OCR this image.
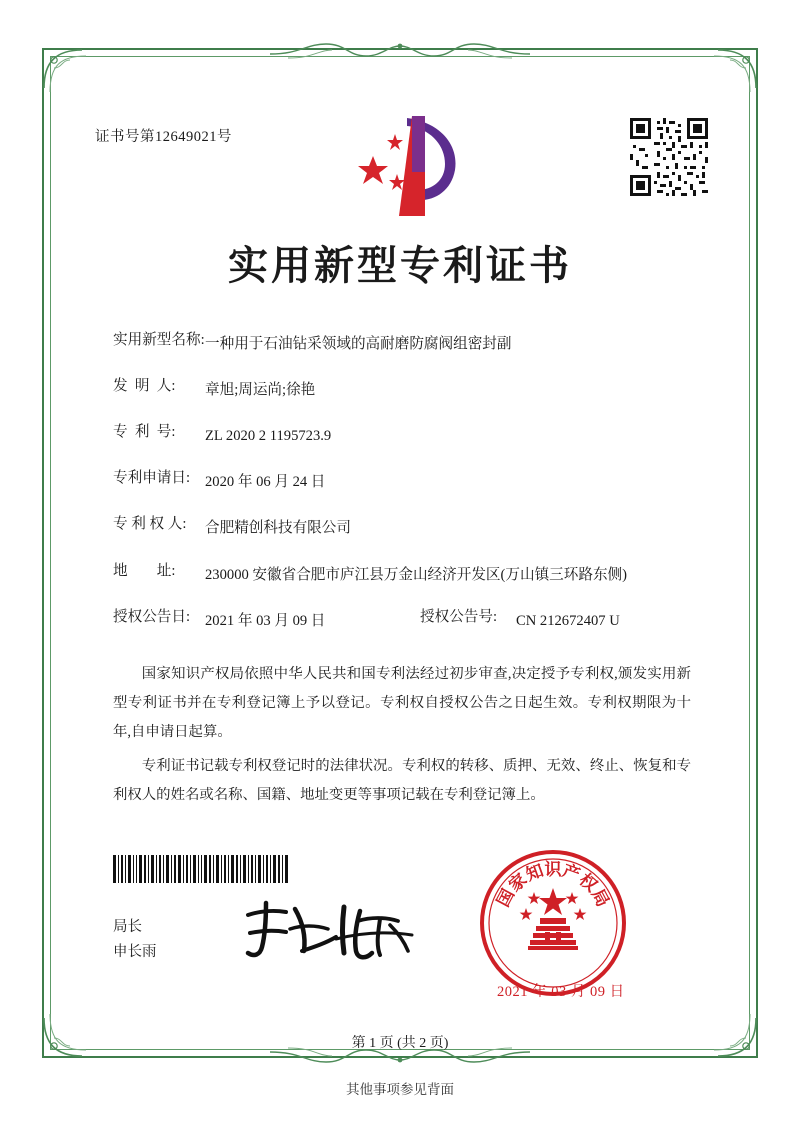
证书号第12649021号
实用新型专利证书
实用新型名称: 一种用于石油钻采领域的高耐磨防腐阀组密封副
发  明  人:	章旭;周运尚;徐艳
专  利  号:	ZL 2020 2 1195723.9
专利申请日:	2020 年 06 月 24 日
专 利 权 人:	合肥精创科技有限公司
地        址:	230000 安徽省合肥市庐江县万金山经济开发区(万山镇三环路东侧)
授权公告日:	2021 年 03 月 09 日	授权公告号:	CN 212672407 U

国家知识产权局依照中华人民共和国专利法经过初步审查,决定授予专利权,颁发实用新型专利证书并在专利登记簿上予以登记。专利权自授权公告之日起生效。专利权期限为十年,自申请日起算。

专利证书记载专利权登记时的法律状况。专利权的转移、质押、无效、终止、恢复和专利权人的姓名或名称、国籍、地址变更等事项记载在专利登记簿上。

局长
申长雨
国
家
知
识
产
权
局
2021 年 03 月 09 日
第 1 页 (共 2 页)
其他事项参见背面
